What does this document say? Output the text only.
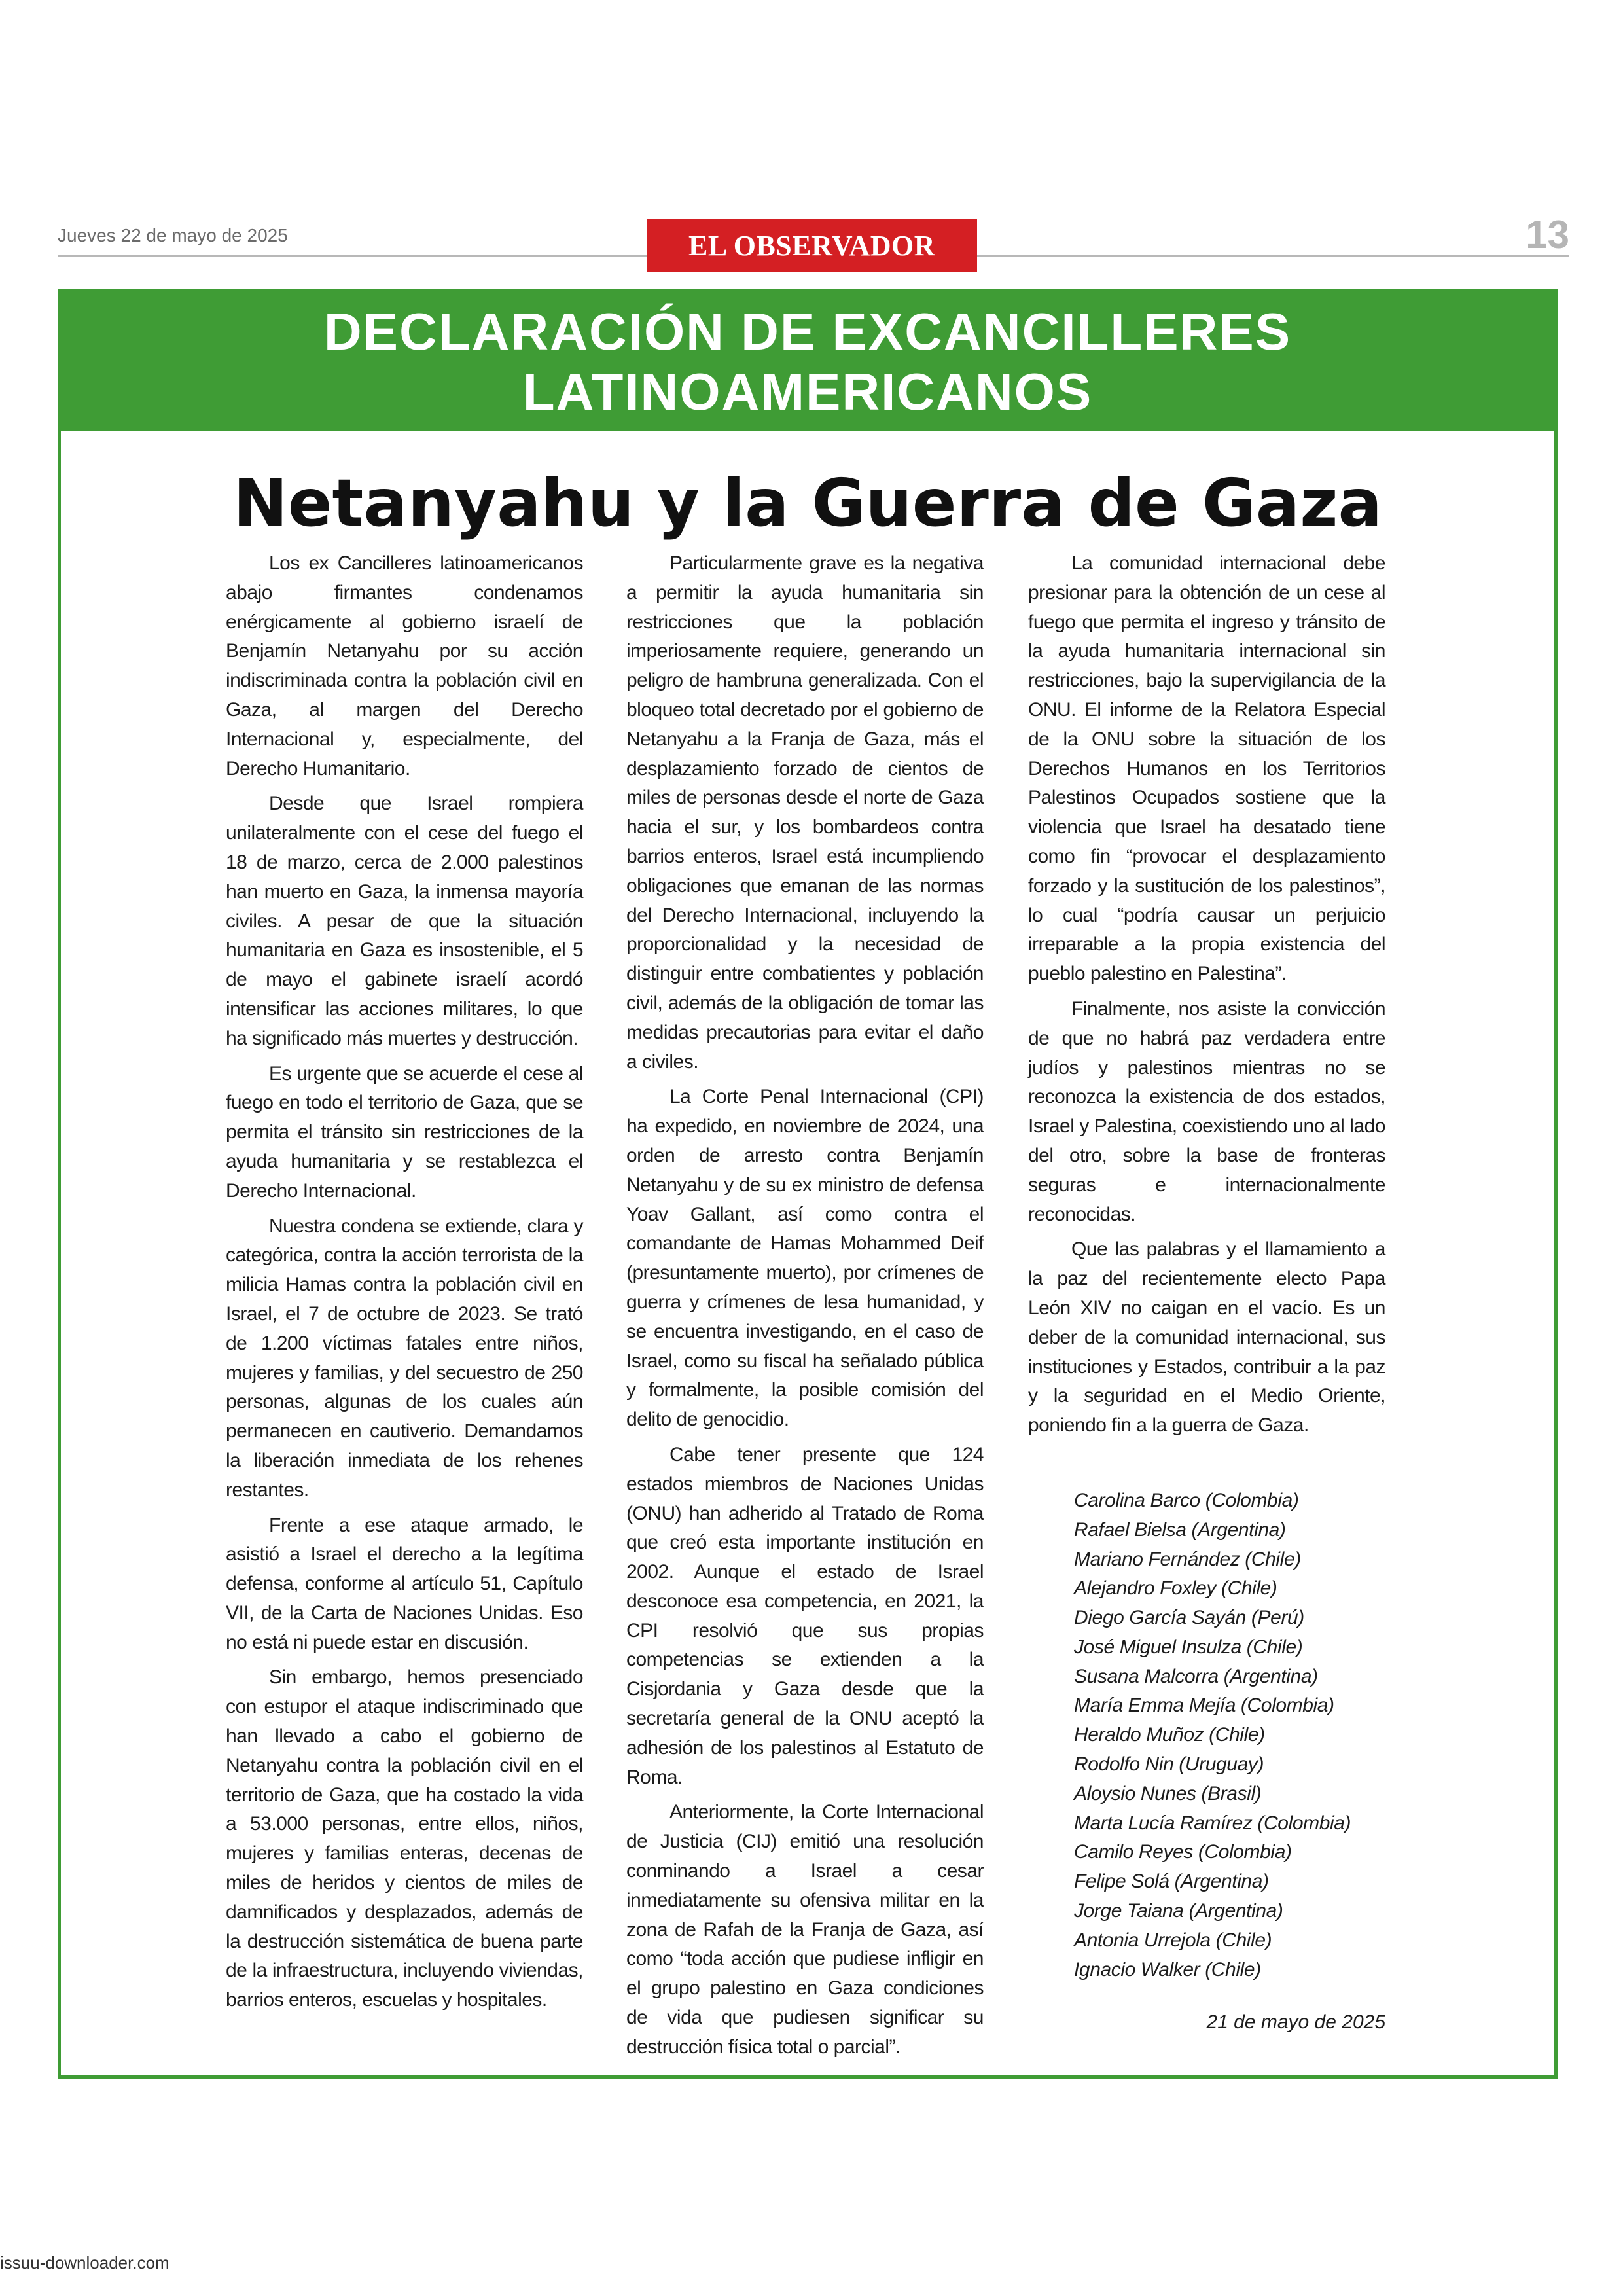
Jueves 22 de mayo de 2025	EL OBSERVADOR	13
DECLARACIÓN DE EXCANCILLERES
LATINOAMERICANOS
Netanyahu y la Guerra de Gaza

Los ex Cancilleres latinoamericanos abajo firmantes condenamos enérgicamente al gobierno israelí de Benjamín Netanyahu por su acción indiscriminada contra la población civil en Gaza, al margen del Derecho Internacional y, especialmente, del Derecho Humanitario.

Desde que Israel rompiera unilateralmente con el cese del fuego el 18 de marzo, cerca de 2.000 palestinos han muerto en Gaza, la inmensa mayoría civiles. A pesar de que la situación humanitaria en Gaza es insostenible, el 5 de mayo el gabinete israelí acordó intensificar las acciones militares, lo que ha significado más muertes y destrucción.

Es urgente que se acuerde el cese al fuego en todo el territorio de Gaza, que se permita el tránsito sin restricciones de la ayuda humanitaria y se restablezca el Derecho Internacional.

Nuestra condena se extiende, clara y categórica, contra la acción terrorista de la milicia Hamas contra la población civil en Israel, el 7 de octubre de 2023. Se trató de 1.200 víctimas fatales entre niños, mujeres y familias, y del secuestro de 250 personas, algunas de los cuales aún permanecen en cautiverio. Demandamos la liberación inmediata de los rehenes restantes.

Frente a ese ataque armado, le asistió a Israel el derecho a la legítima defensa, conforme al artículo 51, Capítulo VII, de la Carta de Naciones Unidas. Eso no está ni puede estar en discusión.

Sin embargo, hemos presenciado con estupor el ataque indiscriminado que han llevado a cabo el gobierno de Netanyahu contra la población civil en el territorio de Gaza, que ha costado la vida a 53.000 personas, entre ellos, niños, mujeres y familias enteras, decenas de miles de heridos y cientos de miles de damnificados y desplazados, además de la destrucción sistemática de buena parte de la infraestructura, incluyendo viviendas, barrios enteros, escuelas y hospitales.

Particularmente grave es la negativa a permitir la ayuda humanitaria sin restricciones que la población imperiosamente requiere, generando un peligro de hambruna generalizada. Con el bloqueo total decretado por el gobierno de Netanyahu a la Franja de Gaza, más el desplazamiento forzado de cientos de miles de personas desde el norte de Gaza hacia el sur, y los bombardeos contra barrios enteros, Israel está incumpliendo obligaciones que emanan de las normas del Derecho Internacional, incluyendo la proporcionalidad y la necesidad de distinguir entre combatientes y población civil, además de la obligación de tomar las medidas precautorias para evitar el daño a civiles.

La Corte Penal Internacional (CPI) ha expedido, en noviembre de 2024, una orden de arresto contra Benjamín Netanyahu y de su ex ministro de defensa Yoav Gallant, así como contra el comandante de Hamas Mohammed Deif (presuntamente muerto), por crímenes de guerra y crímenes de lesa humanidad, y se encuentra investigando, en el caso de Israel, como su fiscal ha señalado pública y formalmente, la posible comisión del delito de genocidio.

Cabe tener presente que 124 estados miembros de Naciones Unidas (ONU) han adherido al Tratado de Roma que creó esta importante institución en 2002. Aunque el estado de Israel desconoce esa competencia, en 2021, la CPI resolvió que sus propias competencias se extienden a la Cisjordania y Gaza desde que la secretaría general de la ONU aceptó la adhesión de los palestinos al Estatuto de Roma.

Anteriormente, la Corte Internacional de Justicia (CIJ) emitió una resolución conminando a Israel a cesar inmediatamente su ofensiva militar en la zona de Rafah de la Franja de Gaza, así como “toda acción que pudiese infligir en el grupo palestino en Gaza condiciones de vida que pudiesen significar su destrucción física total o parcial”.

La comunidad internacional debe presionar para la obtención de un cese al fuego que permita el ingreso y tránsito de la ayuda humanitaria internacional sin restricciones, bajo la supervigilancia de la ONU. El informe de la Relatora Especial de la ONU sobre la situación de los Derechos Humanos en los Territorios Palestinos Ocupados sostiene que la violencia que Israel ha desatado tiene como fin “provocar el desplazamiento forzado y la sustitución de los palestinos”, lo cual “podría causar un perjuicio irreparable a la propia existencia del pueblo palestino en Palestina”.

Finalmente, nos asiste la convicción de que no habrá paz verdadera entre judíos y palestinos mientras no se reconozca la existencia de dos estados, Israel y Palestina, coexistiendo uno al lado del otro, sobre la base de fronteras seguras e internacionalmente reconocidas.

Que las palabras y el llamamiento a la paz del recientemente electo Papa León XIV no caigan en el vacío. Es un deber de la comunidad internacional, sus instituciones y Estados, contribuir a la paz y la seguridad en el Medio Oriente, poniendo fin a la guerra de Gaza.

Carolina Barco (Colombia)
Rafael Bielsa (Argentina)
Mariano Fernández (Chile)
Alejandro Foxley (Chile)
Diego García Sayán (Perú)
José Miguel Insulza (Chile)
Susana Malcorra (Argentina)
María Emma Mejía (Colombia)
Heraldo Muñoz (Chile)
Rodolfo Nin (Uruguay)
Aloysio Nunes (Brasil)
Marta Lucía Ramírez (Colombia)
Camilo Reyes (Colombia)
Felipe Solá (Argentina)
Jorge Taiana (Argentina)
Antonia Urrejola (Chile)
Ignacio Walker (Chile)
21 de mayo de 2025
issuu-downloader.com
